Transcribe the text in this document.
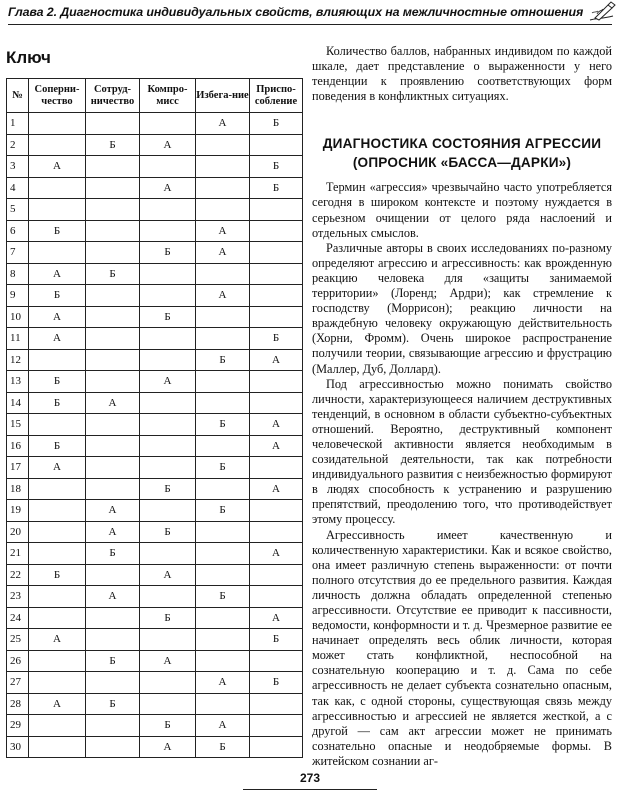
Глава 2. Диагностика индивидуальных свойств, влияющих на межличностные отношения
Ключ
№	Соперни-чество	Сотруд-ничество	Компро-мисс	Избега-ние	Приспо-собление
1				А	Б
2		Б	А		
3	А				Б
4			А		Б
5					
6	Б			А	
7			Б	А	
8	А	Б			
9	Б			А	
10	А		Б		
11	А				Б
12				Б	А
13	Б		А		
14	Б	А			
15				Б	А
16	Б				А
17	А			Б	
18			Б		А
19		А		Б	
20		А	Б		
21		Б			А
22	Б		А		
23		А		Б	
24			Б		А
25	А				Б
26		Б	А		
27				А	Б
28	А	Б			
29			Б	А	
30			А	Б	

Количество баллов, набранных индивидом по каждой шкале, дает представление о выраженности у него тенденции к проявлению соответствующих форм поведения в конфликтных ситуациях.

ДИАГНОСТИКА СОСТОЯНИЯ АГРЕССИИ
(ОПРОСНИК «БАССА—ДАРКИ»)

Термин «агрессия» чрезвычайно часто употребляется сегодня в широком контексте и поэтому нуждается в серьезном очищении от целого ряда наслоений и отдельных смыслов.

Различные авторы в своих исследованиях по-разному определяют агрессию и агрессивность: как врожденную реакцию человека для «защиты занимаемой территории» (Лоренд; Ардри); как стремление к господству (Моррисон); реакцию личности на враждебную человеку окружающую действительность (Хорни, Фромм). Очень широкое распространение получили теории, связывающие агрессию и фрустрацию (Маллер, Дуб, Доллард).

Под агрессивностью можно понимать свойство личности, характеризующееся наличием деструктивных тенденций, в основном в области субъектно-субъектных отношений. Вероятно, деструктивный компонент человеческой активности является необходимым в созидательной деятельности, так как потребности индивидуального развития с неизбежностью формируют в людях способность к устранению и разрушению препятствий, преодолению того, что противодействует этому процессу.

Агрессивность имеет качественную и количественную характеристики. Как и всякое свойство, она имеет различную степень выраженности: от почти полного отсутствия до ее предельного развития. Каждая личность должна обладать определенной степенью агрессивности. Отсутствие ее приводит к пассивности, ведомости, конформности и т. д. Чрезмерное развитие ее начинает определять весь облик личности, которая может стать конфликтной, неспособной на сознательную кооперацию и т. д. Сама по себе агрессивность не делает субъекта сознательно опасным, так как, с одной стороны, существующая связь между агрессивностью и агрессией не является жесткой, а с другой — сам акт агрессии может не принимать сознательно опасные и неодобряемые формы. В житейском сознании аг-

273
